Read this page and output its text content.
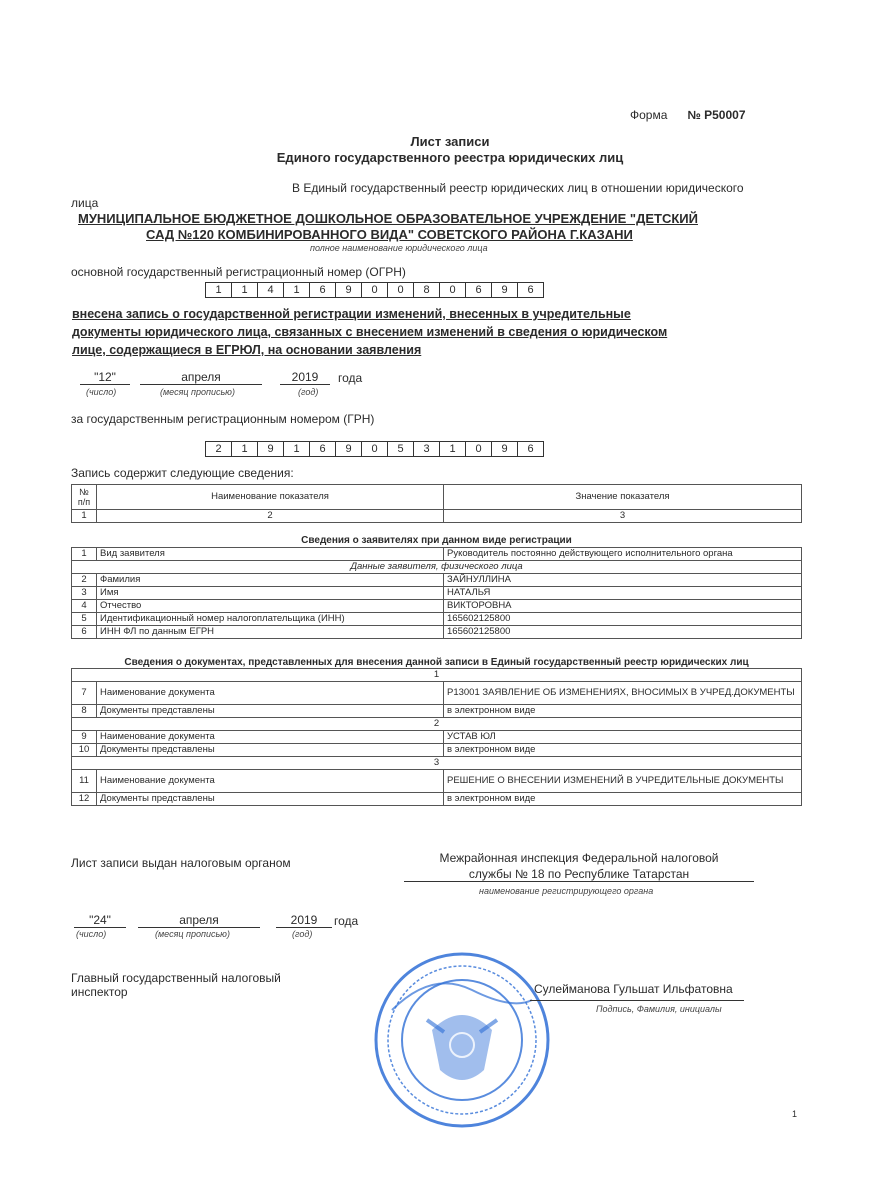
Форма № Р50007
Лист записи
Единого государственного реестра юридических лиц
В Единый государственный реестр юридических лиц в отношении юридического
лица
МУНИЦИПАЛЬНОЕ БЮДЖЕТНОЕ ДОШКОЛЬНОЕ ОБРАЗОВАТЕЛЬНОЕ УЧРЕЖДЕНИЕ "ДЕТСКИЙ
САД №120 КОМБИНИРОВАННОГО ВИДА" СОВЕТСКОГО РАЙОНА Г.КАЗАНИ
полное наименование юридического лица
основной государственный регистрационный номер (ОГРН)
1	1	4	1	6	9	0	0	8	0	6	9	6
внесена запись о государственной регистрации изменений, внесенных в учредительные
документы юридического лица, связанных с внесением изменений в сведения о юридическом
лице, содержащиеся в ЕГРЮЛ, на основании заявления
"12"	апреля	2019	года
(число)	(месяц прописью)	(год)
за государственным регистрационным номером (ГРН)
2	1	9	1	6	9	0	5	3	1	0	9	6
Запись содержит следующие сведения:
№ п/п	Наименование показателя	Значение показателя
1	2	3
Сведения о заявителях при данном виде регистрации
1	Вид заявителя	Руководитель постоянно действующего исполнительного органа
Данные заявителя, физического лица		
2	Фамилия	ЗАЙНУЛЛИНА
3	Имя	НАТАЛЬЯ
4	Отчество	ВИКТОРОВНА
5	Идентификационный номер налогоплательщика (ИНН)	165602125800
6	ИНН ФЛ по данным ЕГРН	165602125800
Сведения о документах, представленных для внесения данной записи в Единый государственный реестр юридических лиц
1		
7	Наименование документа	Р13001 ЗАЯВЛЕНИЕ ОБ ИЗМЕНЕНИЯХ, ВНОСИМЫХ В УЧРЕД.ДОКУМЕНТЫ
8	Документы представлены	в электронном виде
2		
9	Наименование документа	УСТАВ ЮЛ
10	Документы представлены	в электронном виде
3		
11	Наименование документа	РЕШЕНИЕ О ВНЕСЕНИИ ИЗМЕНЕНИЙ В УЧРЕДИТЕЛЬНЫЕ ДОКУМЕНТЫ
12	Документы представлены	в электронном виде
Лист записи выдан налоговым органом	Межрайонная инспекция Федеральной налоговой
службы № 18 по Республике Татарстан
наименование регистрирующего органа
"24"	апреля	2019	года
(число)	(месяц прописью)	(год)
Главный государственный налоговый
инспектор	Сулейманова Гульшат Ильфатовна
Подпись, Фамилия, инициалы
1
